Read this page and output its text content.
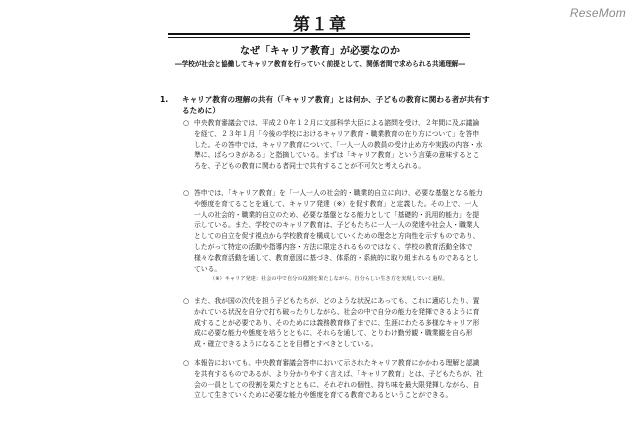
ReseMom
第１章
なぜ「キャリア教育」が必要なのか
―学校が社会と協働してキャリア教育を行っていく前提として、関係者間で求められる共通理解―
1. キャリア教育の理解の共有（「キャリア教育」とは何か、子どもの教育に関わる者が共有するために）
○ 中央教育審議会では、平成２０年１２月に文部科学大臣による諮問を受け、２年間に及ぶ議論を経て、２３年１月「今後の学校におけるキャリア教育・職業教育の在り方について」を答申した。その答申では、キャリア教育について、「一人一人の教員の受け止め方や実践の内容・水準に、ばらつきがある」と指摘している。まずは「キャリア教育」という言葉の意味するところを、子どもの教育に関わる者同士で共有することが不可欠と考えられる。
○ 答申では、「キャリア教育」を「一人一人の社会的・職業的自立に向け、必要な基盤となる能力や態度を育てることを通して、キャリア発達（※）を促す教育」と定義した。その上で、一人一人の社会的・職業的自立のため、必要な基盤となる能力として「基礎的・汎用的能力」を提示している。また、学校でのキャリア教育は、子どもたちに一人一人の発達や社会人・職業人としての自立を促す視点から学校教育を構成していくための理念と方向性を示すものであり、したがって特定の活動や指導内容・方法に限定されるものではなく、学校の教育活動全体で様々な教育活動を通して、教育意図に基づき、体系的・系統的に取り組まれるものであるとしている。
（※）キャリア発達：社会の中で自分の役割を果たしながら、自分らしい生き方を実現していく過程。
○ また、我が国の次代を担う子どもたちが、どのような状況にあっても、これに適応したり、置かれている状況を自分で打ち破ったりしながら、社会の中で自分の能力を発揮できるように育成することが必要であり、そのためには義務教育修了までに、生涯にわたる多様なキャリア形成に必要な能力や態度を培うとともに、それらを通して、とりわけ勤労観・職業観を自ら形成・確立できるようになることを目標とすべきとしている。
○ 本報告においても、中央教育審議会答申において示されたキャリア教育にかかわる理解と認識を共有するものであるが、より分かりやすく言えば、「キャリア教育」とは、子どもたちが、社会の一員としての役割を果たすとともに、それぞれの個性、持ち味を最大限発揮しながら、自立して生きていくために必要な能力や態度を育てる教育であるということができる。
